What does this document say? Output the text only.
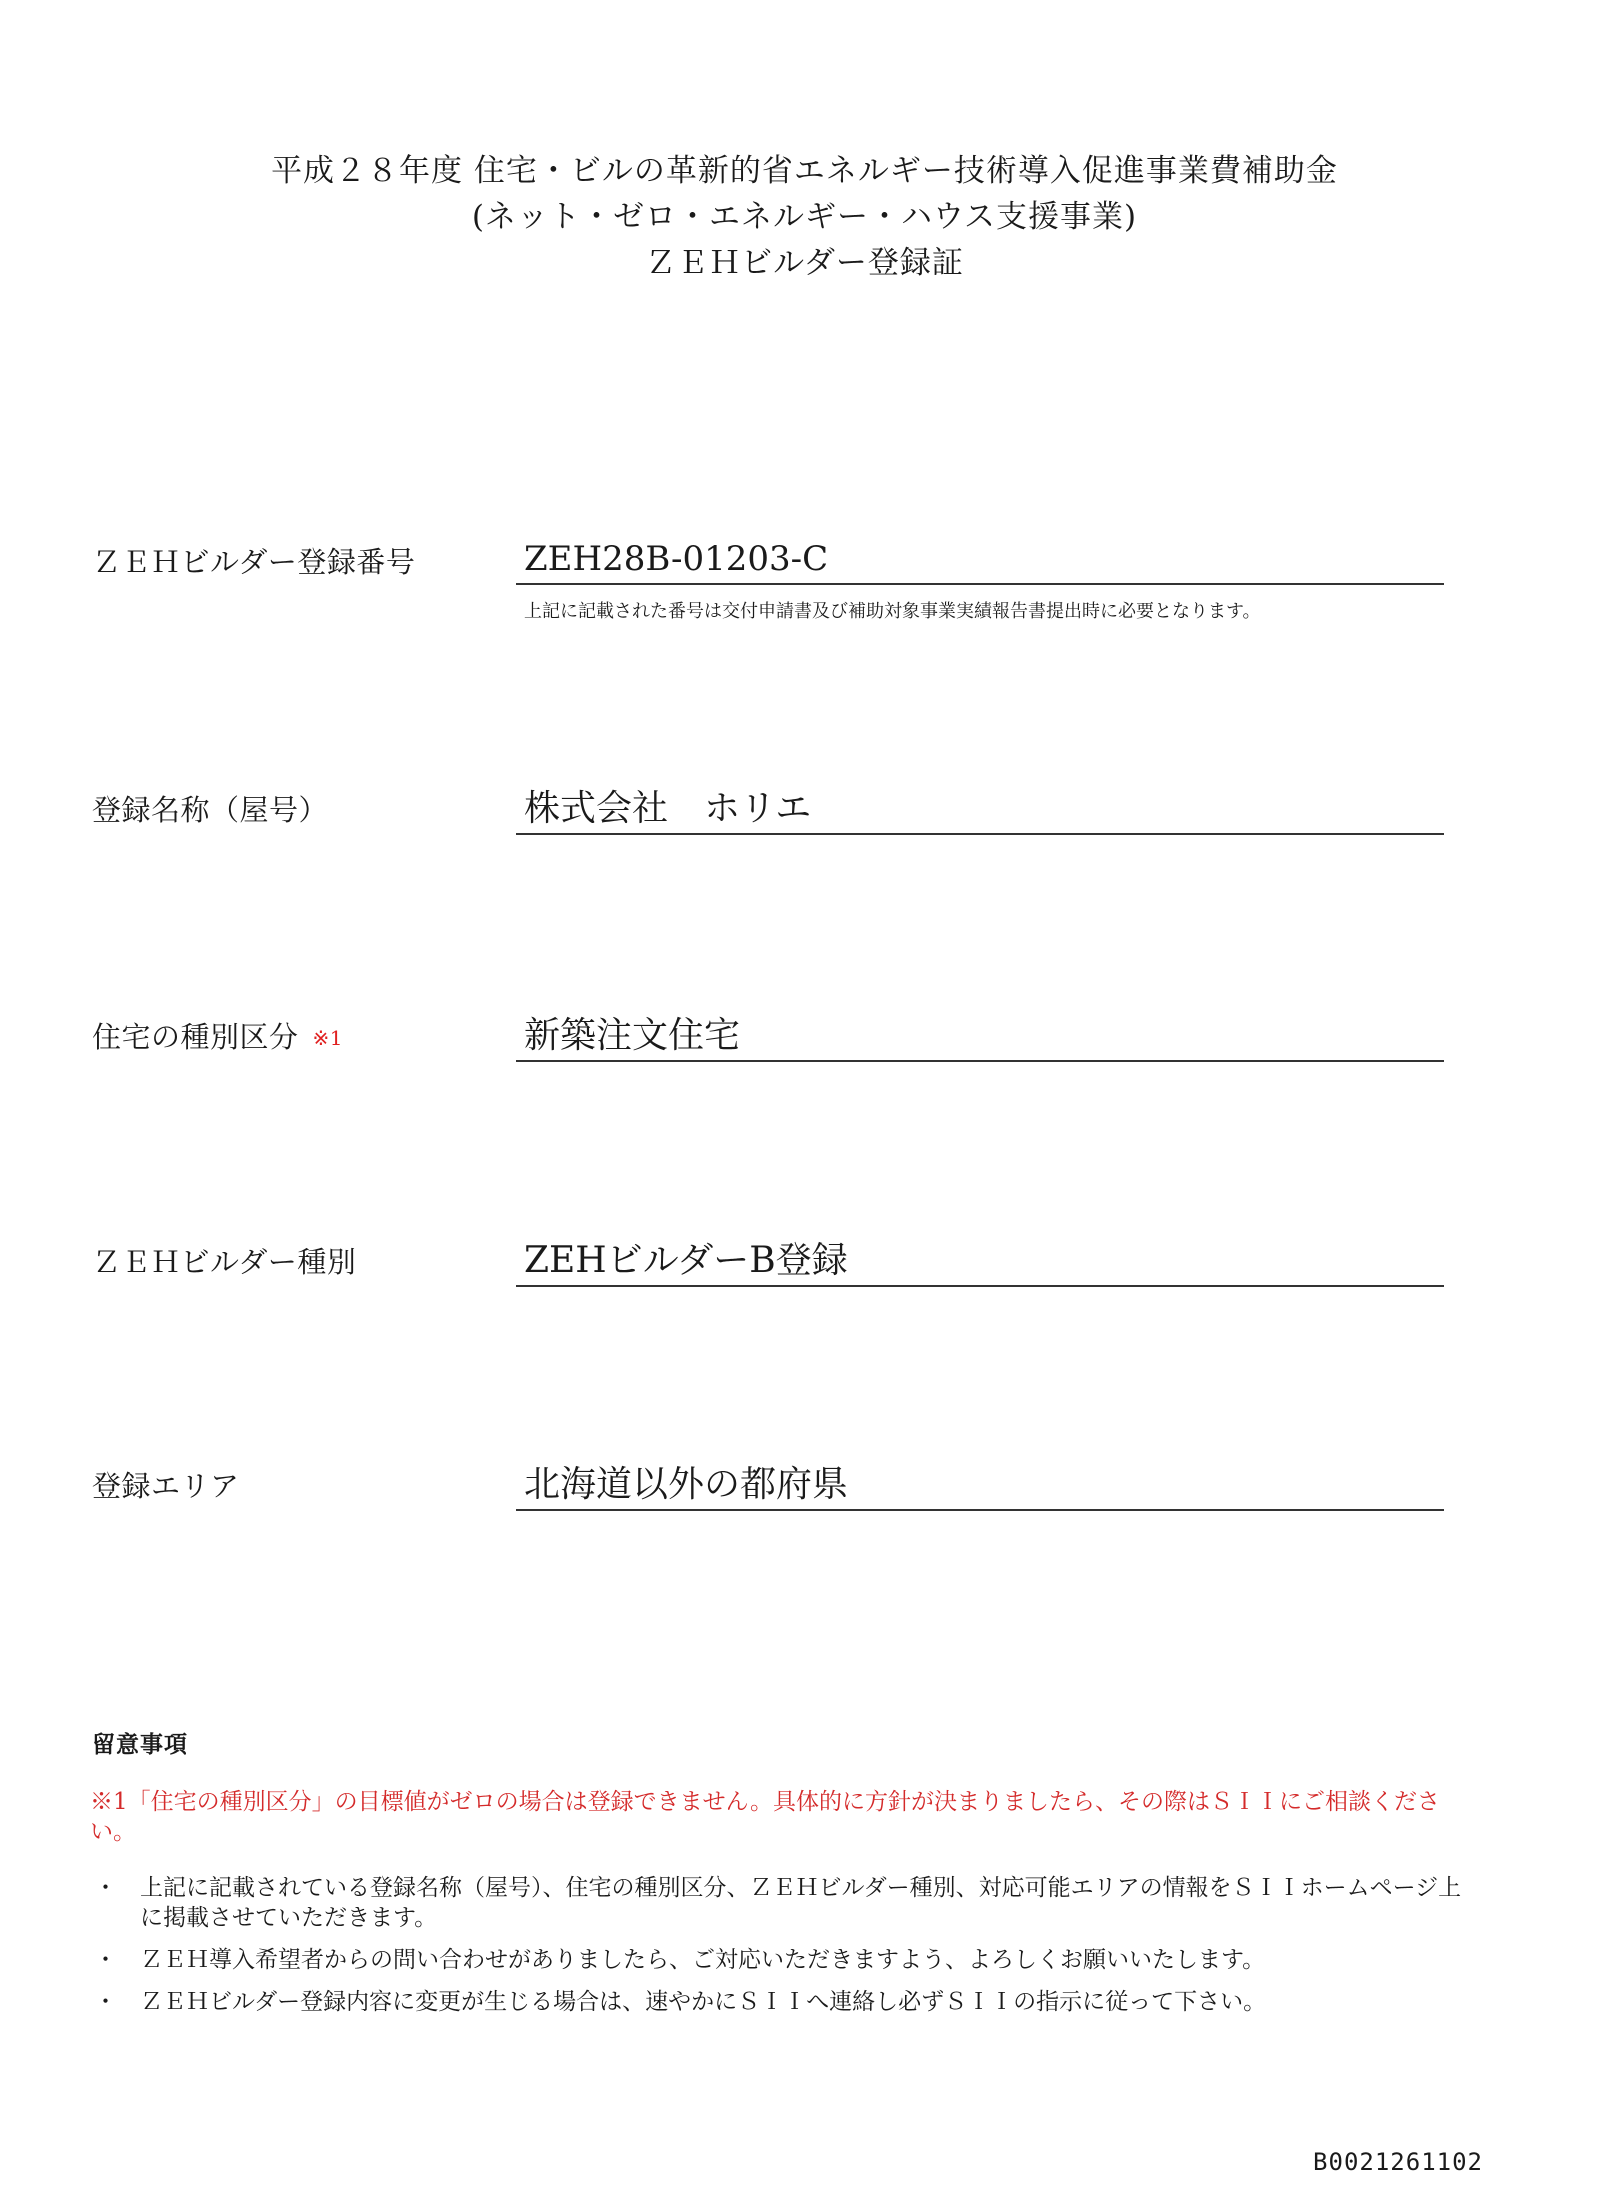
平成２８年度 住宅・ビルの革新的省エネルギー技術導入促進事業費補助金
(ネット・ゼロ・エネルギー・ハウス支援事業)
ＺＥＨビルダー登録証
ＺＥＨビルダー登録番号	ZEH28B-01203-C
上記に記載された番号は交付申請書及び補助対象事業実績報告書提出時に必要となります。
登録名称（屋号）	株式会社　ホリエ
住宅の種別区分 ※1	新築注文住宅
ＺＥＨビルダー種別	ZEHビルダーB登録
登録エリア	北海道以外の都府県
留意事項
※1「住宅の種別区分」の目標値がゼロの場合は登録できません。具体的に方針が決まりましたら、その際はＳＩＩにご相談ください。
・ 上記に記載されている登録名称（屋号）、住宅の種別区分、ＺＥＨビルダー種別、対応可能エリアの情報をＳＩＩホームページ上に掲載させていただきます。
・ ＺＥＨ導入希望者からの問い合わせがありましたら、ご対応いただきますよう、よろしくお願いいたします。
・ ＺＥＨビルダー登録内容に変更が生じる場合は、速やかにＳＩＩへ連絡し必ずＳＩＩの指示に従って下さい。
B0021261102
